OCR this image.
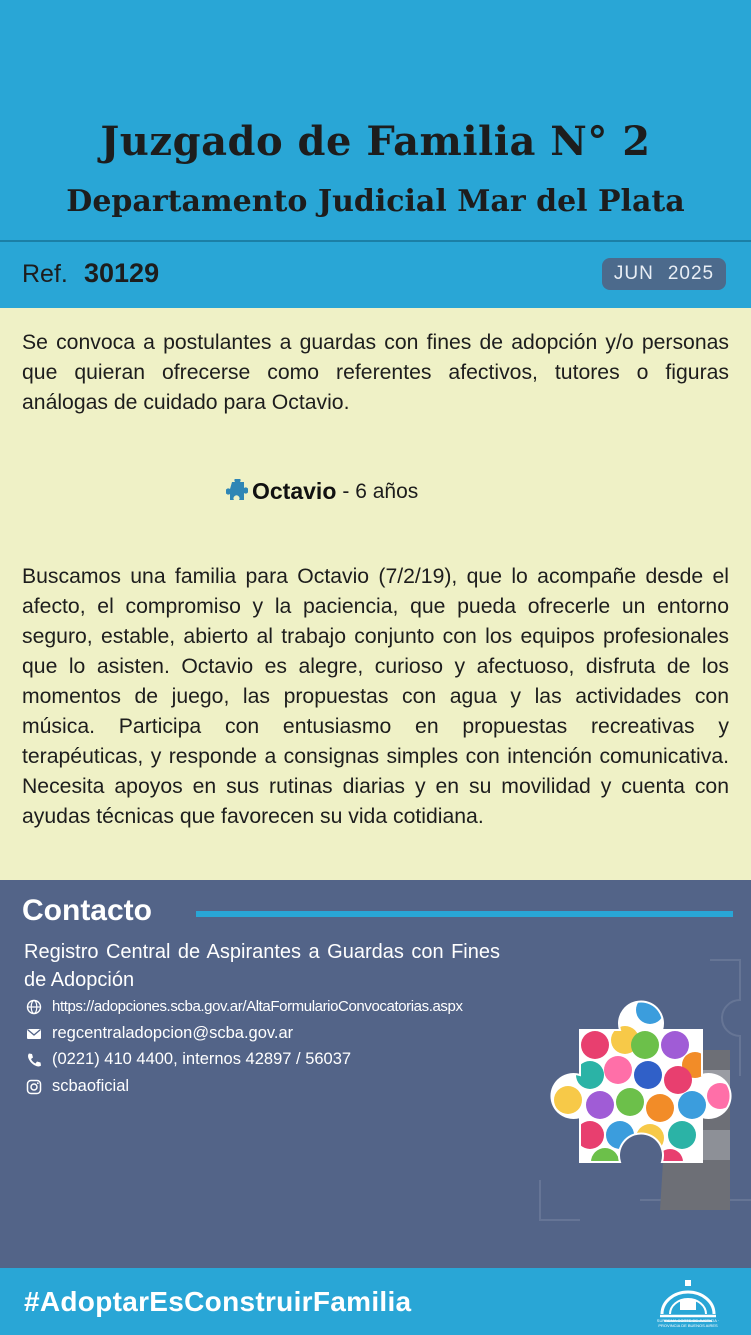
Juzgado de Familia N° 2
Departamento Judicial Mar del Plata
Ref. 30129	JUN 2025

Se convoca a postulantes a guardas con fines de adopción y/o personas que quieran ofrecerse como referentes afectivos, tutores o figuras análogas de cuidado para Octavio.

Octavio - 6 años

Buscamos una familia para Octavio (7/2/19), que lo acompañe desde el afecto, el compromiso y la paciencia, que pueda ofrecerle un entorno seguro, estable, abierto al trabajo conjunto con los equipos profesionales que lo asisten. Octavio es alegre, curioso y afectuoso, disfruta de los momentos de juego, las propuestas con agua y las actividades con música. Participa con entusiasmo en propuestas recreativas y terapéuticas, y responde a consignas simples con intención comunicativa. Necesita apoyos en sus rutinas diarias y en su movilidad y cuenta con ayudas técnicas que favorecen su vida cotidiana.

Contacto
Registro Central de Aspirantes a Guardas con Fines de Adopción
https://adopciones.scba.gov.ar/AltaFormularioConvocatorias.aspx
regcentraladopcion@scba.gov.ar
(0221) 410 4400, internos 42897 / 56037
scbaoficial
#AdoptarEsConstruirFamilia
SUPREMA CORTE DE JUSTICIA · PROVINCIA DE BUENOS AIRES
